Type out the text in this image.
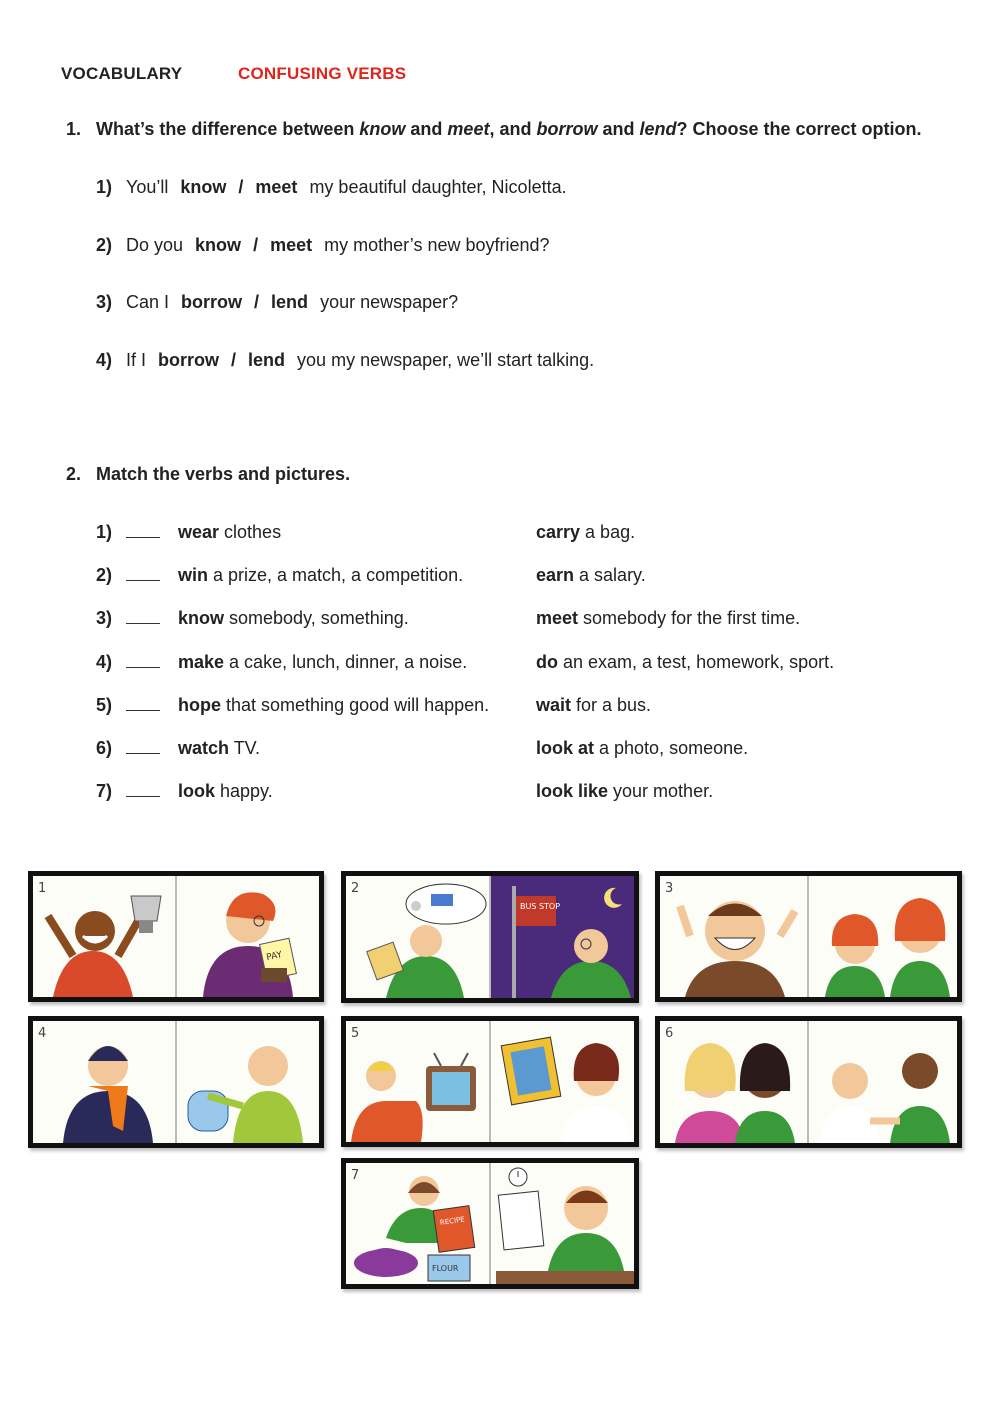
VOCABULARY	CONFUSING VERBS
1. What’s the difference between know and meet, and borrow and lend? Choose the correct option.
1) You’ll know / meet my beautiful daughter, Nicoletta.
2) Do you know / meet my mother’s new boyfriend?
3) Can I borrow / lend your newspaper?
4) If I borrow / lend you my newspaper, we’ll start talking.
2. Match the verbs and pictures.
1)	wear clothes	carry a bag.
2)	win a prize, a match, a competition.	earn a salary.
3)	know somebody, something.	meet somebody for the first time.
4)	make a cake, lunch, dinner, a noise.	do an exam, a test, homework, sport.
5)	hope that something good will happen.	wait for a bus.
6)	watch TV.	look at a photo, someone.
7)	look happy.	look like your mother.
1
PAY
2
BUS STOP
3
4	5	6
7
RECIPE
FLOUR
